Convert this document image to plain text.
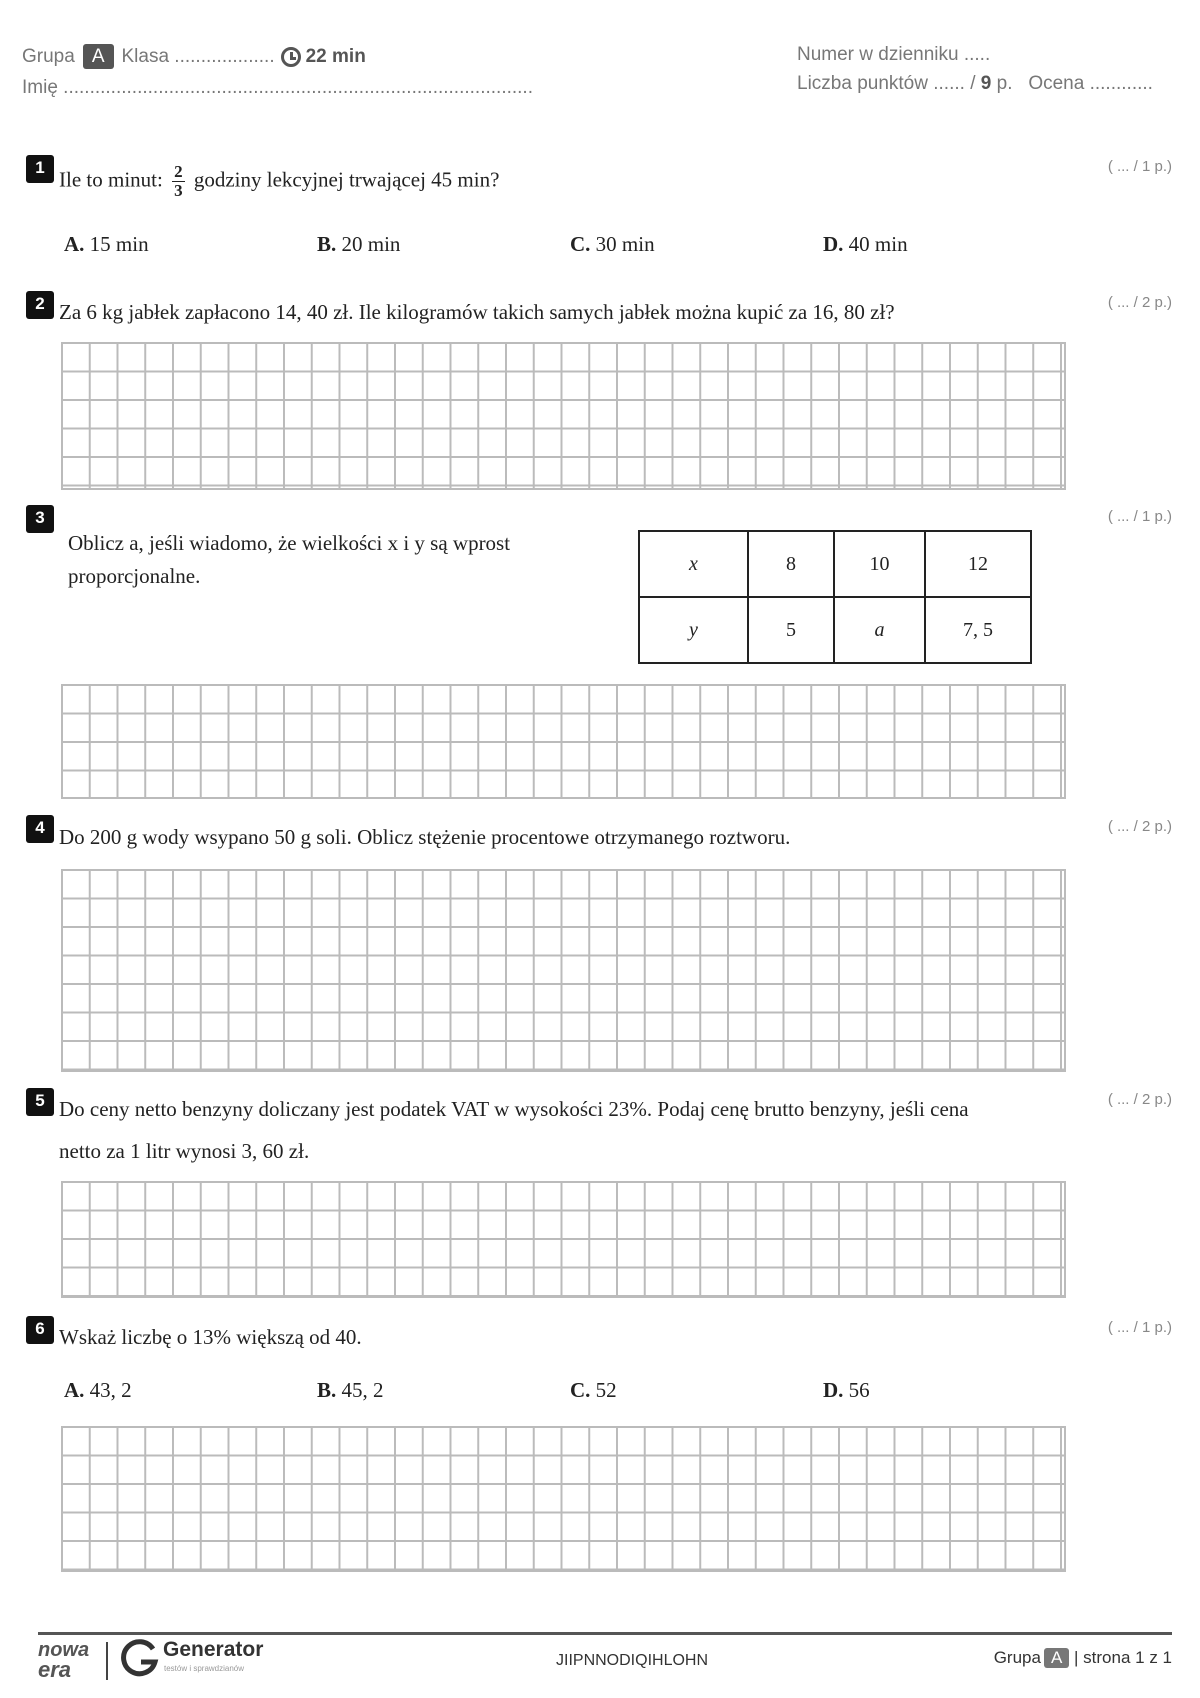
Grupa A Klasa ................... 22 min
Imię .........................................................................................
Numer w dzienniku .....
Liczba punktów ...... / 9 p. Ocena ............
1 Ile to minut: $\frac{2}{3}$ godziny lekcyjnej trwającej 45 min?
( ... / 1 p.)
A. 15 min	B. 20 min	C. 30 min	D. 40 min
2 Za 6 kg jabłek zapłacono 14, 40 zł. Ile kilogramów takich samych jabłek można kupić za 16, 80 zł?	( ... / 2 p.)
3
Oblicz a, jeśli wiadomo, że wielkości x i y są wprost
proporcjonalne.
( ... / 1 p.)
x	8	10	12
y	5	a	7, 5
4 Do 200 g wody wsypano 50 g soli. Oblicz stężenie procentowe otrzymanego roztworu.	( ... / 2 p.)
5 Do ceny netto benzyny doliczany jest podatek VAT w wysokości 23%. Podaj cenę brutto benzyny, jeśli cena
netto za 1 litr wynosi 3, 60 zł.
( ... / 2 p.)
6 Wskaż liczbę o 13% większą od 40.	( ... / 1 p.)
A. 43, 2	B. 45, 2	C. 52	D. 56
nowa
era
Generator
testów i sprawdzianów	JIIPNNODIQIHLOHN	Grupa A | strona 1 z 1
